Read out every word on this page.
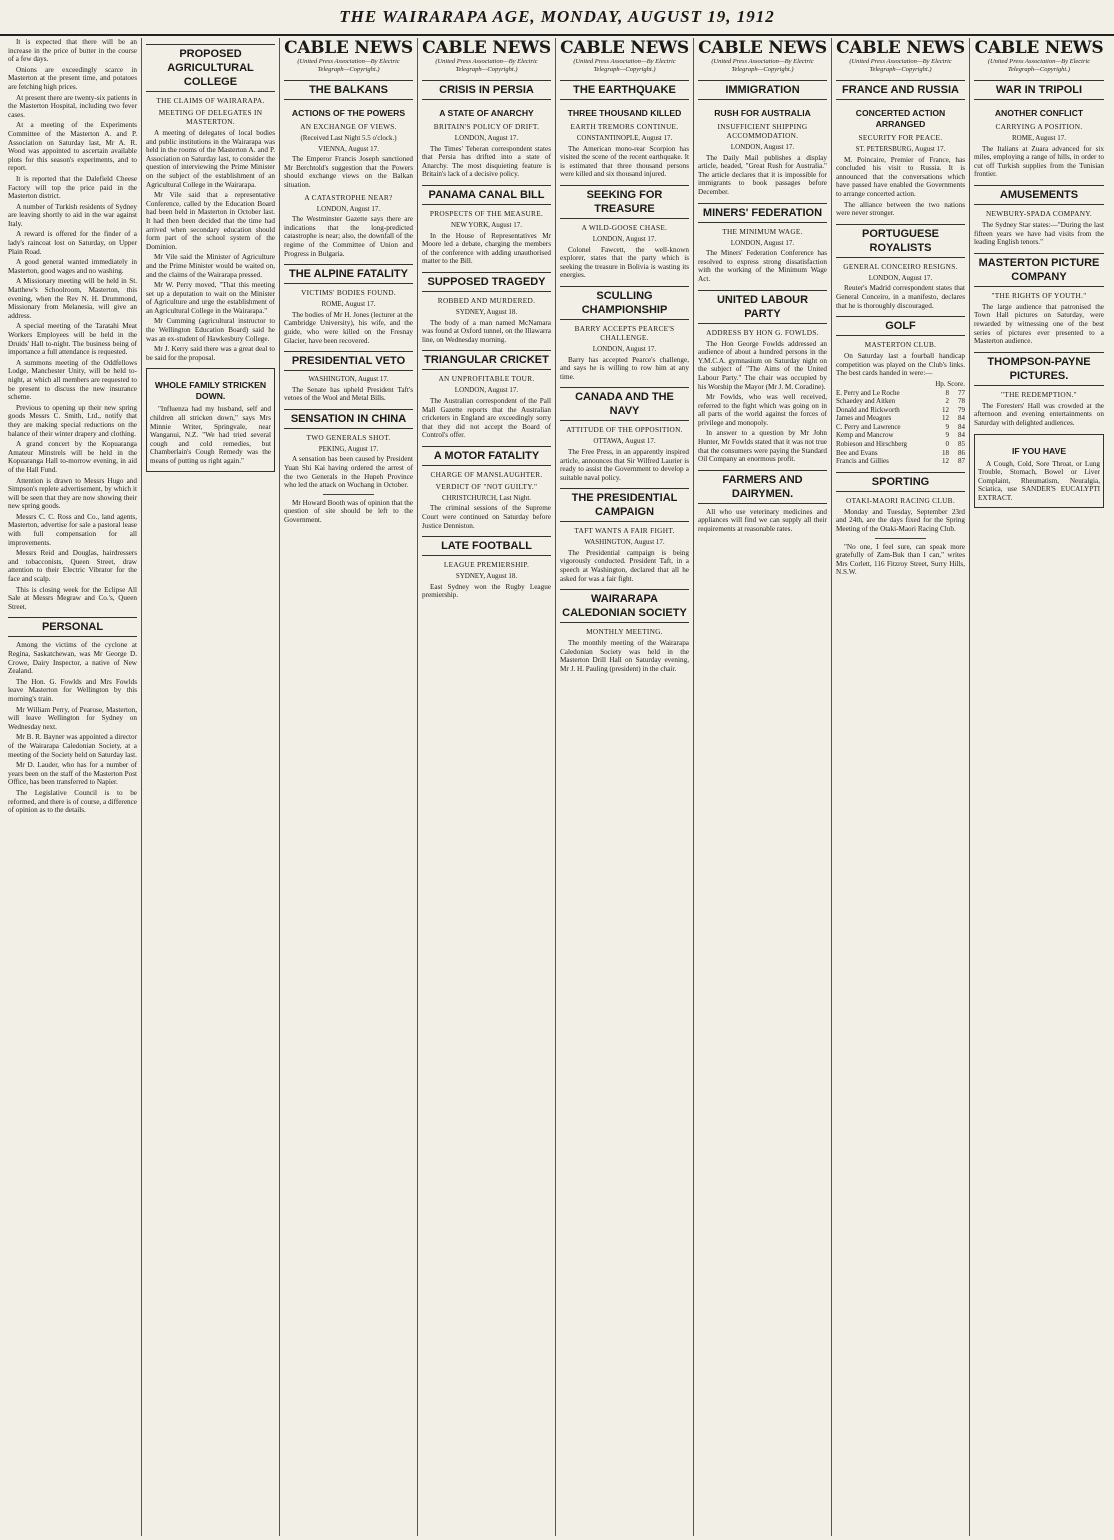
THE WAIRARAPA AGE, MONDAY, AUGUST 19, 1912

It is expected that there will be an increase in the price of butter in the course of a few days.

Onions are exceedingly scarce in Masterton at the present time, and potatoes are fetching high prices.

At present there are twenty-six patients in the Masterton Hospital, including two fever cases.

At a meeting of the Experiments Committee of the Masterton A. and P. Association on Saturday last, Mr A. R. Wood was appointed to ascertain available plots for this season's experiments, and to report.

It is reported that the Dalefield Cheese Factory will top the price paid in the Masterton district.

A number of Turkish residents of Sydney are leaving shortly to aid in the war against Italy.

A reward is offered for the finder of a lady's raincoat lost on Saturday, on Upper Plain Road.

A good general wanted immediately in Masterton, good wages and no washing.

A Missionary meeting will be held in St. Matthew's Schoolroom, Masterton, this evening, when the Rev N. H. Drummond, Missionary from Melanesia, will give an address.

A special meeting of the Taratahi Meat Workers Employees will be held in the Druids' Hall to-night. The business being of importance a full attendance is requested.

A summons meeting of the Oddfellows Lodge, Manchester Unity, will be held to-night, at which all members are requested to be present to discuss the new insurance scheme.

Previous to opening up their new spring goods Messrs C. Smith, Ltd., notify that they are making special reductions on the balance of their winter drapery and clothing.

A grand concert by the Kopuaranga Amateur Minstrels will be held in the Kopuaranga Hall to-morrow evening, in aid of the Hall Fund.

Attention is drawn to Messrs Hugo and Simpson's replete advertisement, by which it will be seen that they are now showing their new spring goods.

Messrs C. C. Ross and Co., land agents, Masterton, advertise for sale a pastoral lease with full compensation for all improvements.

Messrs Reid and Douglas, hairdressers and tobacconists, Queen Street, draw attention to their Electric Vibrator for the face and scalp.

This is closing week for the Eclipse All Sale at Messrs Megraw and Co.'s, Queen Street.

PERSONAL

Among the victims of the cyclone at Regina, Saskatchewan, was Mr George D. Crowe, Dairy Inspector, a native of New Zealand.

The Hon. G. Fowlds and Mrs Fowlds leave Masterton for Wellington by this morning's train.

Mr William Perry, of Pearose, Masterton, will leave Wellington for Sydney on Wednesday next.

Mr B. R. Bayner was appointed a director of the Wairarapa Caledonian Society, at a meeting of the Society held on Saturday last.

Mr D. Lauder, who has for a number of years been on the staff of the Masterton Post Office, has been transferred to Napier.

The Legislative Council is to be reformed, and there is of course, a difference of opinion as to the details.

PROPOSED AGRICULTURAL COLLEGE
THE CLAIMS OF WAIRARAPA.
MEETING OF DELEGATES IN MASTERTON.

A meeting of delegates of local bodies and public institutions in the Wairarapa was held in the rooms of the Masterton A. and P. Association on Saturday last, to consider the question of interviewing the Prime Minister on the subject of the establishment of an Agricultural College in the Wairarapa.

Mr Vile said that a representative Conference, called by the Education Board had been held in Masterton in October last. It had then been decided that the time had arrived when secondary education should form part of the school system of the Dominion.

Mr Vile said the Minister of Agriculture and the Prime Minister would be waited on, and the claims of the Wairarapa pressed.

Mr W. Perry moved, "That this meeting set up a deputation to wait on the Minister of Agriculture and urge the establishment of an Agricultural College in the Wairarapa."

Mr Cumming (agricultural instructor to the Wellington Education Board) said he was an ex-student of Hawkesbury College.

Mr J. Kerry said there was a great deal to be said for the proposal.

WHOLE FAMILY STRICKEN DOWN.

"Influenza had my husband, self and children all stricken down," says Mrs Minnie Writer, Springvale, near Wanganui, N.Z. "We had tried several cough and cold remedies, but Chamberlain's Cough Remedy was the means of putting us right again."

CABLE NEWS
(United Press Association—By Electric Telegraph—Copyright.)
THE BALKANS
ACTIONS OF THE POWERS
AN EXCHANGE OF VIEWS.
(Received Last Night 5.5 o'clock.)
VIENNA, August 17.

The Emperor Francis Joseph sanctioned Mr Berchtold's suggestion that the Powers should exchange views on the Balkan situation.

A CATASTROPHE NEAR?
LONDON, August 17.

The Westminster Gazette says there are indications that the long-predicted catastrophe is near; also, the downfall of the regime of the Committee of Union and Progress in Bulgaria.

THE ALPINE FATALITY
VICTIMS' BODIES FOUND.
ROME, August 17.

The bodies of Mr H. Jones (lecturer at the Cambridge University), his wife, and the guide, who were killed on the Fresnay Glacier, have been recovered.

PRESIDENTIAL VETO
WASHINGTON, August 17.

The Senate has upheld President Taft's vetoes of the Wool and Metal Bills.

SENSATION IN CHINA
TWO GENERALS SHOT.
PEKING, August 17.

A sensation has been caused by President Yuan Shi Kai having ordered the arrest of the two Generals in the Hupeh Province who led the attack on Wuchang in October.

Mr Howard Booth was of opinion that the question of site should be left to the Government.

CABLE NEWS
(United Press Association—By Electric Telegraph—Copyright.)
CRISIS IN PERSIA
A STATE OF ANARCHY
BRITAIN'S POLICY OF DRIFT.
LONDON, August 17.

The Times' Teheran correspondent states that Persia has drifted into a state of Anarchy. The most disquieting feature is Britain's lack of a decisive policy.

PANAMA CANAL BILL
PROSPECTS OF THE MEASURE.
NEW YORK, August 17.

In the House of Representatives Mr Moore led a debate, charging the members of the conference with adding unauthorised matter to the Bill.

SUPPOSED TRAGEDY
ROBBED AND MURDERED.
SYDNEY, August 18.

The body of a man named McNamara was found at Oxford tunnel, on the Illawarra line, on Wednesday morning.

TRIANGULAR CRICKET
AN UNPROFITABLE TOUR.
LONDON, August 17.

The Australian correspondent of the Pall Mall Gazette reports that the Australian cricketers in England are exceedingly sorry that they did not accept the Board of Control's offer.

A MOTOR FATALITY
CHARGE OF MANSLAUGHTER.
VERDICT OF "NOT GUILTY."
CHRISTCHURCH, Last Night.

The criminal sessions of the Supreme Court were continued on Saturday before Justice Denniston.

LATE FOOTBALL
LEAGUE PREMIERSHIP.
SYDNEY, August 18.

East Sydney won the Rugby League premiership.

CABLE NEWS
(United Press Association—By Electric Telegraph—Copyright.)
THE EARTHQUAKE
THREE THOUSAND KILLED
EARTH TREMORS CONTINUE.
CONSTANTINOPLE, August 17.

The American mono-rear Scorpion has visited the scene of the recent earthquake. It is estimated that three thousand persons were killed and six thousand injured.

SEEKING FOR TREASURE
A WILD-GOOSE CHASE.
LONDON, August 17.

Colonel Fawcett, the well-known explorer, states that the party which is seeking the treasure in Bolivia is wasting its energies.

SCULLING CHAMPIONSHIP
BARRY ACCEPTS PEARCE'S CHALLENGE.
LONDON, August 17.

Barry has accepted Pearce's challenge, and says he is willing to row him at any time.

CANADA AND THE NAVY
ATTITUDE OF THE OPPOSITION.
OTTAWA, August 17.

The Free Press, in an apparently inspired article, announces that Sir Wilfred Laurier is ready to assist the Government to develop a suitable naval policy.

THE PRESIDENTIAL CAMPAIGN
TAFT WANTS A FAIR FIGHT.
WASHINGTON, August 17.

The Presidential campaign is being vigorously conducted. President Taft, in a speech at Washington, declared that all he asked for was a fair fight.

WAIRARAPA CALEDONIAN SOCIETY
MONTHLY MEETING.

The monthly meeting of the Wairarapa Caledonian Society was held in the Masterton Drill Hall on Saturday evening, Mr J. H. Pauling (president) in the chair.

CABLE NEWS
(United Press Association—By Electric Telegraph—Copyright.)
IMMIGRATION
RUSH FOR AUSTRALIA
INSUFFICIENT SHIPPING ACCOMMODATION.
LONDON, August 17.

The Daily Mail publishes a display article, headed, "Great Rush for Australia." The article declares that it is impossible for immigrants to book passages before December.

MINERS' FEDERATION
THE MINIMUM WAGE.
LONDON, August 17.

The Miners' Federation Conference has resolved to express strong dissatisfaction with the working of the Minimum Wage Act.

UNITED LABOUR PARTY
ADDRESS BY HON G. FOWLDS.

The Hon George Fowlds addressed an audience of about a hundred persons in the Y.M.C.A. gymnasium on Saturday night on the subject of "The Aims of the United Labour Party." The chair was occupied by his Worship the Mayor (Mr J. M. Coradine).

Mr Fowlds, who was well received, referred to the fight which was going on in all parts of the world against the forces of privilege and monopoly.

In answer to a question by Mr John Hunter, Mr Fowlds stated that it was not true that the consumers were paying the Standard Oil Company an enormous profit.

FARMERS AND DAIRYMEN.

All who use veterinary medicines and appliances will find we can supply all their requirements at reasonable rates.

CABLE NEWS
(United Press Association—By Electric Telegraph—Copyright.)
FRANCE AND RUSSIA
CONCERTED ACTION ARRANGED
SECURITY FOR PEACE.
ST. PETERSBURG, August 17.

M. Poincaire, Premier of France, has concluded his visit to Russia. It is announced that the conversations which have passed have enabled the Governments to arrange concerted action.

The alliance between the two nations were never stronger.

PORTUGUESE ROYALISTS
GENERAL CONCEIRO RESIGNS.
LONDON, August 17.

Reuter's Madrid correspondent states that General Conceiro, in a manifesto, declares that he is thoroughly discouraged.

GOLF
MASTERTON CLUB.

On Saturday last a fourball handicap competition was played on the Club's links. The best cards handed in were:—

Hp. Score.
E. Perry and Le Roche	8	77
Schaedey and Aitken	2	78
Donald and Rickworth	12	79
James and Meagors	12	84
C. Perry and Lawrence	9	84
Kemp and Mancrow	9	84
Robieson and Hirschberg	0	85
Bee and Evans	18	86
Francis and Gillies	12	87
SPORTING
OTAKI-MAORI RACING CLUB.

Monday and Tuesday, September 23rd and 24th, are the days fixed for the Spring Meeting of the Otaki-Maori Racing Club.

"No one, I feel sure, can speak more gratefully of Zam-Buk than I can," writes Mrs Corlett, 116 Fitzroy Street, Surry Hills, N.S.W.

CABLE NEWS
(United Press Association—By Electric Telegraph—Copyright.)
WAR IN TRIPOLI
ANOTHER CONFLICT
CARRYING A POSITION.
ROME, August 17.

The Italians at Zuara advanced for six miles, employing a range of hills, in order to cut off Turkish supplies from the Tunisian frontier.

AMUSEMENTS
NEWBURY-SPADA COMPANY.

The Sydney Star states:—"During the last fifteen years we have had visits from the leading English tenors."

MASTERTON PICTURE COMPANY
"THE RIGHTS OF YOUTH."

The large audience that patronised the Town Hall pictures on Saturday, were rewarded by witnessing one of the best series of pictures ever presented to a Masterton audience.

THOMPSON-PAYNE PICTURES.
"THE REDEMPTION."

The Foresters' Hall was crowded at the afternoon and evening entertainments on Saturday with delighted audiences.

IF YOU HAVE

A Cough, Cold, Sore Throat, or Lung Trouble, Stomach, Bowel or Liver Complaint, Rheumatism, Neuralgia, Sciatica, use SANDER'S EUCALYPTI EXTRACT.
